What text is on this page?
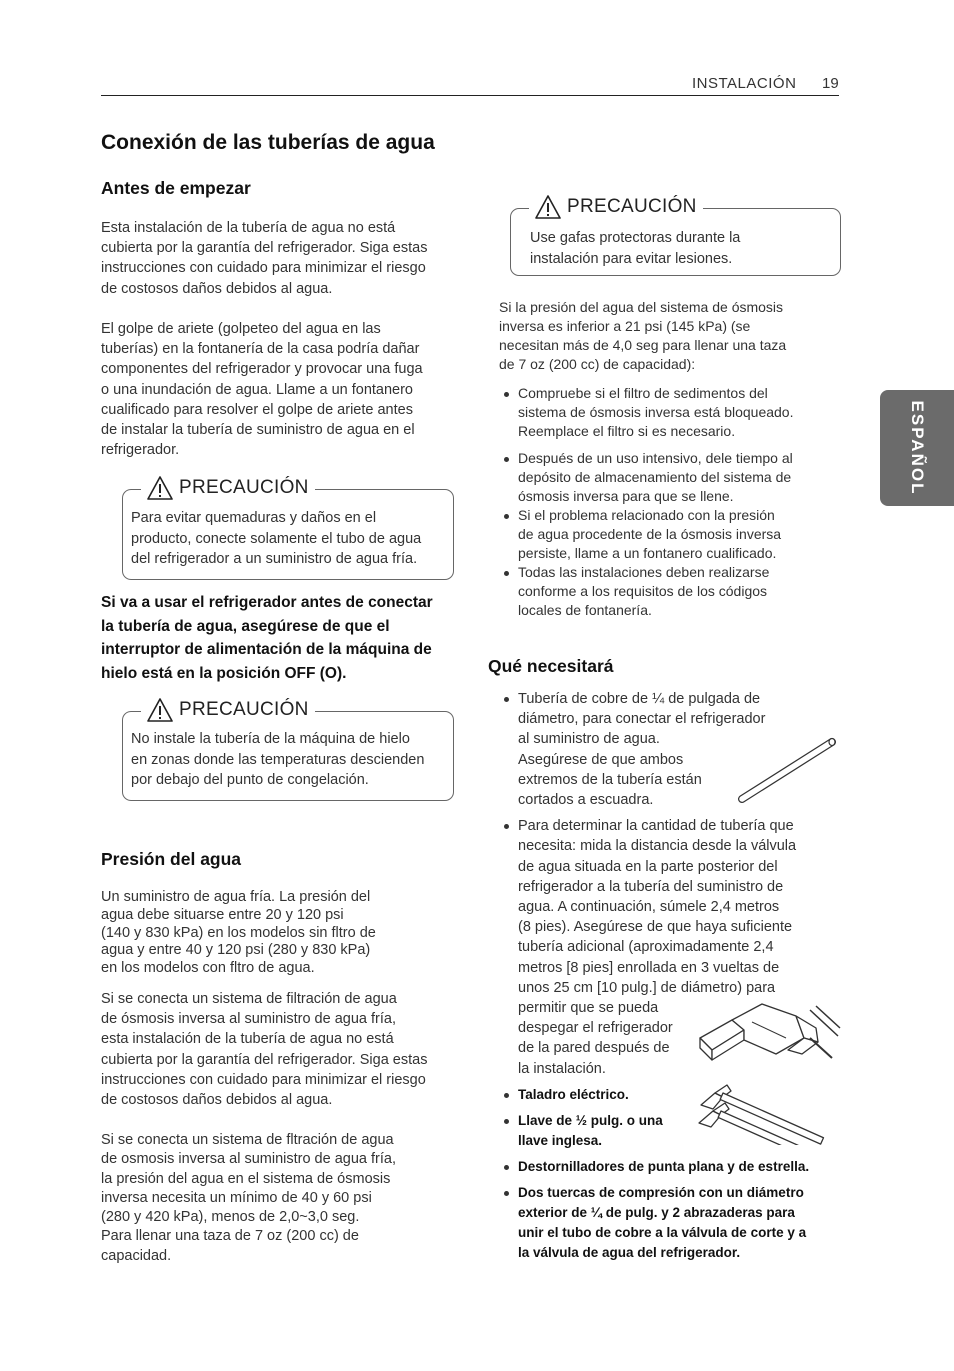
INSTALACIÓN 19
ESPAÑOL
Conexión de las tuberías de agua
Antes de empezar
Esta instalación de la tubería de agua no está
cubierta por la garantía del refrigerador. Siga estas
instrucciones con cuidado para minimizar el riesgo
de costosos daños debidos al agua.
El golpe de ariete (golpeteo del agua en las
tuberías) en la fontanería de la casa podría dañar
componentes del refrigerador y provocar una fuga
o una inundación de agua. Llame a un fontanero
cualificado para resolver el golpe de ariete antes
de instalar la tubería de suministro de agua en el
refrigerador.
PRECAUCIÓN
Para evitar quemaduras y daños en el
producto, conecte solamente el tubo de agua
del refrigerador a un suministro de agua fría.
Si va a usar el refrigerador antes de conectar
la tubería de agua, asegúrese de que el
interruptor de alimentación de la máquina de
hielo está en la posición OFF (O).
PRECAUCIÓN
No instale la tubería de la máquina de hielo
en zonas donde las temperaturas descienden
por debajo del punto de congelación.
Presión del agua
Un suministro de agua fría. La presión del
agua debe situarse entre 20 y 120 psi
(140 y 830 kPa) en los modelos sin fltro de
agua y entre 40 y 120 psi (280 y 830 kPa)
en los modelos con fltro de agua.
Si se conecta un sistema de filtración de agua
de ósmosis inversa al suministro de agua fría,
esta instalación de la tubería de agua no está
cubierta por la garantía del refrigerador. Siga estas
instrucciones con cuidado para minimizar el riesgo
de costosos daños debidos al agua.
Si se conecta un sistema de fltración de agua
de osmosis inversa al suministro de agua fría,
la presión del agua en el sistema de ósmosis
inversa necesita un mínimo de 40 y 60 psi
(280 y 420 kPa), menos de 2,0~3,0 seg.
Para llenar una taza de 7 oz (200 cc) de
capacidad.
PRECAUCIÓN
Use gafas protectoras durante la
instalación para evitar lesiones.
Si la presión del agua del sistema de ósmosis
inversa es inferior a 21 psi (145 kPa) (se
necesitan más de 4,0 seg para llenar una taza
de 7 oz (200 cc) de capacidad):
Compruebe si el filtro de sedimentos del
sistema de ósmosis inversa está bloqueado.
Reemplace el filtro si es necesario.
Después de un uso intensivo, dele tiempo al
depósito de almacenamiento del sistema de
ósmosis inversa para que se llene.
Si el problema relacionado con la presión
de agua procedente de la ósmosis inversa
persiste, llame a un fontanero cualificado.
Todas las instalaciones deben realizarse
conforme a los requisitos de los códigos
locales de fontanería.
Qué necesitará
Tubería de cobre de ¼ de pulgada de
diámetro, para conectar el refrigerador
al suministro de agua.
Asegúrese de que ambos
extremos de la tubería están
cortados a escuadra.
Para determinar la cantidad de tubería que
necesita: mida la distancia desde la válvula
de agua situada en la parte posterior del
refrigerador a la tubería del suministro de
agua. A continuación, súmele 2,4 metros
(8 pies). Asegúrese de que haya suficiente
tubería adicional (aproximadamente 2,4
metros [8 pies] enrollada en 3 vueltas de
unos 25 cm [10 pulg.] de diámetro) para
permitir que se pueda
despegar el refrigerador
de la pared después de
la instalación.
Taladro eléctrico.
Llave de ½ pulg. o una
llave inglesa.
Destornilladores de punta plana y de estrella.
Dos tuercas de compresión con un diámetro
exterior de ¼ de pulg. y 2 abrazaderas para
unir el tubo de cobre a la válvula de corte y a
la válvula de agua del refrigerador.
